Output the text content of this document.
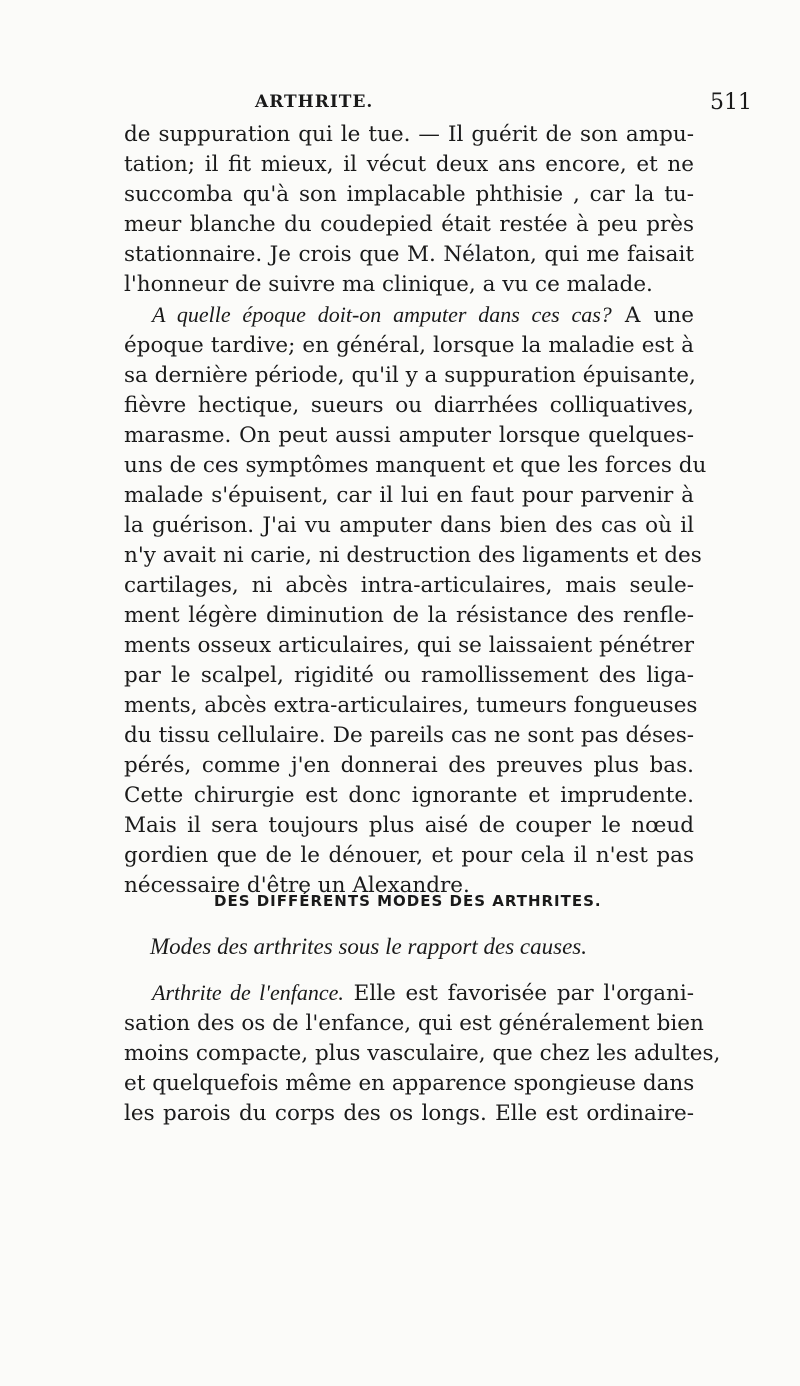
ARTHRITE.	511
de suppuration qui le tue. — Il guérit de son ampu-
tation; il fit mieux, il vécut deux ans encore, et ne
succomba qu'à son implacable phthisie , car la tu-
meur blanche du coudepied était restée à peu près
stationnaire. Je crois que M. Nélaton, qui me faisait
l'honneur de suivre ma clinique, a vu ce malade.
A quelle époque doit-on amputer dans ces cas? A une
époque tardive; en général, lorsque la maladie est à
sa dernière période, qu'il y a suppuration épuisante,
fièvre hectique, sueurs ou diarrhées colliquatives,
marasme. On peut aussi amputer lorsque quelques-
uns de ces symptômes manquent et que les forces du
malade s'épuisent, car il lui en faut pour parvenir à
la guérison. J'ai vu amputer dans bien des cas où il
n'y avait ni carie, ni destruction des ligaments et des
cartilages, ni abcès intra-articulaires, mais seule-
ment légère diminution de la résistance des renfle-
ments osseux articulaires, qui se laissaient pénétrer
par le scalpel, rigidité ou ramollissement des liga-
ments, abcès extra-articulaires, tumeurs fongueuses
du tissu cellulaire. De pareils cas ne sont pas déses-
pérés, comme j'en donnerai des preuves plus bas.
Cette chirurgie est donc ignorante et imprudente.
Mais il sera toujours plus aisé de couper le nœud
gordien que de le dénouer, et pour cela il n'est pas
nécessaire d'être un Alexandre.
DES DIFFÉRENTS MODES DES ARTHRITES.
Modes des arthrites sous le rapport des causes.
Arthrite de l'enfance. Elle est favorisée par l'organi-
sation des os de l'enfance, qui est généralement bien
moins compacte, plus vasculaire, que chez les adultes,
et quelquefois même en apparence spongieuse dans
les parois du corps des os longs. Elle est ordinaire-
